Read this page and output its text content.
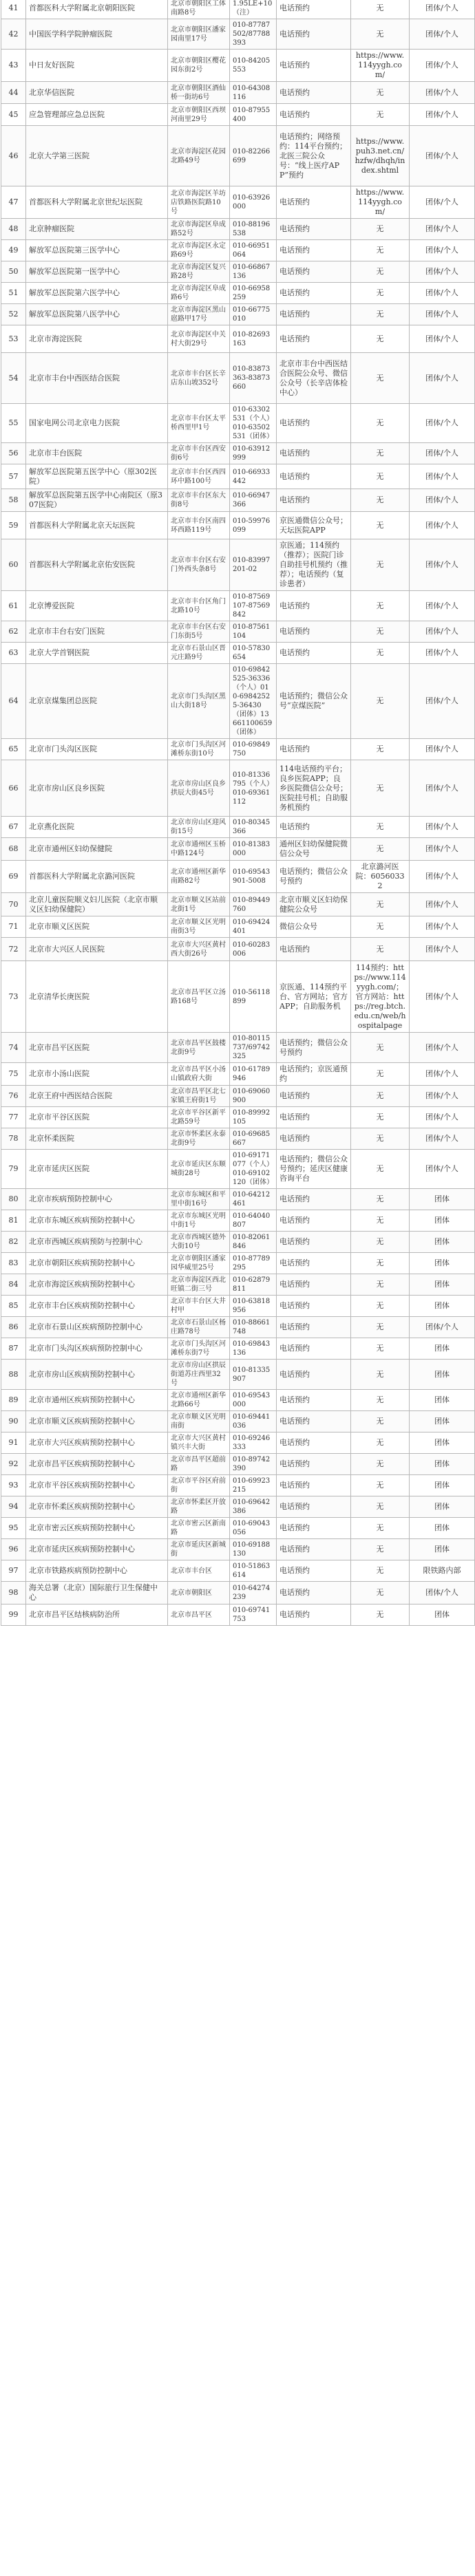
41	首都医科大学附属北京朝阳医院	北京市朝阳区工体南路8号	1.95LE+10（注）	电话预约	无	团体/个人
42	中国医学科学院肿瘤医院	北京市朝阳区潘家园南里17号	010-87787502/87788393	电话预约	无	团体/个人
43	中日友好医院	北京市朝阳区樱花园东街2号	010-84205553	电话预约	https://www.114yygh.com/	团体/个人
44	北京华信医院	北京市朝阳区酒仙桥一街坊6号	010-64308116	电话预约	无	团体/个人
45	应急管理部应急总医院	北京市朝阳区西坝河南里29号	010-87955400	电话预约	无	团体/个人
46	北京大学第三医院	北京市海淀区花园北路49号	010-82266699	电话预约；网络预约：114平台预约；北医三院公众号：“线上医疗APP”预约	https://www.puh3.net.cn/hzfw/dhqh/index.shtml	团体/个人
47	首都医科大学附属北京世纪坛医院	北京市海淀区羊坊店铁路医院路10号	010-63926000	电话预约	https://www.114yygh.com/	团体/个人
48	北京肿瘤医院	北京市海淀区阜成路52号	010-88196538	电话预约	无	团体/个人
49	解放军总医院第三医学中心	北京市海淀区永定路69号	010-66951064	电话预约	无	团体/个人
50	解放军总医院第一医学中心	北京市海淀区复兴路28号	010-66867136	电话预约	无	团体/个人
51	解放军总医院第六医学中心	北京市海淀区阜成路6号	010-66958259	电话预约	无	团体/个人
52	解放军总医院第八医学中心	北京市海淀区黑山扈路甲17号	010-66775010	电话预约	无	团体/个人
53	北京市海淀医院	北京市海淀区中关村大街29号	010-82693163	电话预约	无	团体/个人
54	北京市丰台中西医结合医院	北京市丰台区长辛店东山坡352号	010-83873363-83873660	北京市丰台中西医结合医院公众号、微信公众号（长辛店体检中心）	无	团体/个人
55	国家电网公司北京电力医院	北京市丰台区太平桥西里甲1号	010-63302531（个人）010-63502531（团体）	电话预约	无	团体/个人
56	北京市丰台医院	北京市丰台区西安街6号	010-63912999	电话预约	无	团体/个人
57	解放军总医院第五医学中心（原302医院）	北京市丰台区西四环中路100号	010-66933442	电话预约	无	团体/个人
58	解放军总医院第五医学中心南院区（原307医院）	北京市丰台区东大街8号	010-66947366	电话预约	无	团体/个人
59	首都医科大学附属北京天坛医院	北京市丰台区南四环西路119号	010-59976099	京医通微信公众号；天坛医院APP	无	团体/个人
60	首都医科大学附属北京佑安医院	北京市丰台区右安门外西头条8号	010-83997201-02	京医通；114预约（推荐）；医院门诊自助挂号机预约（推荐）；电话预约（复诊患者）	无	团体/个人
61	北京博爱医院	北京市丰台区角门北路10号	010-87569107-87569842	电话预约	无	团体/个人
62	北京市丰台右安门医院	北京市丰台区右安门东街5号	010-87561104	电话预约	无	团体/个人
63	北京大学首钢医院	北京市石景山区晋元庄路9号	010-57830654	电话预约	无	团体/个人
64	北京京煤集团总医院	北京市门头沟区黑山大街18号	010-69842525-36336（个人）010-69842525-36430（团体）13661100659（团体）	电话预约；微信公众号“京煤医院”	无	团体/个人
65	北京市门头沟区医院	北京市门头沟区河滩桥东街10号	010-69849750	电话预约	无	团体/个人
66	北京市房山区良乡医院	北京市房山区良乡拱辰大街45号	010-81336795（个人）010-69361112	114电话预约平台；良乡医院APP；良乡医院微信公众号；医院挂号机；自助服务机预约	无	团体/个人
67	北京燕化医院	北京市房山区迎风街15号	010-80345366	电话预约	无	团体/个人
68	北京市通州区妇幼保健院	北京市通州区玉桥中路124号	010-81383000	通州区妇幼保健院微信公众号	无	团体/个人
69	首都医科大学附属北京潞河医院	北京市通州区新华南路82号	010-69543901-5008	电话预约；微信公众号预约	北京潞河医院：60560332	团体/个人
70	北京儿童医院顺义妇儿医院（北京市顺义区妇幼保健院）	北京市顺义区站前北街1号	010-89449760	北京市顺义区妇幼保健院公众号	无	团体/个人
71	北京市顺义区医院	北京市顺义区光明南街3号	010-69424401	微信公众号	无	团体/个人
72	北京市大兴区人民医院	北京市大兴区黄村西大街26号	010-60283006	电话预约	无	团体/个人
73	北京清华长庚医院	北京市昌平区立汤路168号	010-56118899	京医通、114预约平台、官方网站；官方APP；自助服务机	114预约：https://www.114yygh.com/；官方网站：https://reg.btch.edu.cn/web/hospitalpage	团体/个人
74	北京市昌平区医院	北京市昌平区鼓楼北街9号	010-80115737/69742325	电话预约；微信公众号预约	无	团体/个人
75	北京市小汤山医院	北京市昌平区小汤山镇政府大街	010-61789946	电话预约；京医通预约	无	团体/个人
76	北京王府中西医结合医院	北京市昌平区北七家镇王府街1号	010-69060900	电话预约	无	团体/个人
77	北京市平谷区医院	北京市平谷区新平北路59号	010-89992105	电话预约	无	团体/个人
78	北京怀柔医院	北京市怀柔区永泰北街9号	010-69685667	电话预约	无	团体/个人
79	北京市延庆区医院	北京市延庆区东顺城街28号	010-69171077（个人）010-69102120（团体）	电话预约；微信公众号预约；延庆区健康咨询平台	无	团体/个人
80	北京市疾病预防控制中心	北京市东城区和平里中街16号	010-64212461	电话预约	无	团体
81	北京市东城区疾病预防控制中心	北京市东城区光明中街1号	010-64040807	电话预约	无	团体
82	北京市西城区疾病预防与控制中心	北京市西城区德外大街10号	010-82061846	电话预约	无	团体
83	北京市朝阳区疾病预防控制中心	北京市朝阳区潘家园华威里25号	010-87789295	电话预约	无	团体
84	北京市海淀区疾病预防控制中心	北京市海淀区西北旺镇二街三号	010-62879811	电话预约	无	团体
85	北京市丰台区疾病预防控制中心	北京市丰台区大井村甲	010-63818956	电话预约	无	团体
86	北京市石景山区疾病预防控制中心	北京市石景山区杨庄路78号	010-88661748	电话预约	无	团体/个人
87	北京市门头沟区疾病预防控制中心	北京市门头沟区河滩桥东街7号	010-69843136	电话预约	无	团体
88	北京市房山区疾病预防控制中心	北京市房山区拱辰街道苏庄西里32号	010-81335907	电话预约	无	团体
89	北京市通州区疾病预防控制中心	北京市通州区新华北路66号	010-69543000	电话预约	无	团体
90	北京市顺义区疾病预防控制中心	北京市顺义区光明南街	010-69441036	电话预约	无	团体
91	北京市大兴区疾病预防控制中心	北京市大兴区黄村镇兴丰大街	010-69246333	电话预约	无	团体
92	北京市昌平区疾病预防控制中心	北京市昌平区超前路	010-89742390	电话预约	无	团体
93	北京市平谷区疾病预防控制中心	北京市平谷区府前街	010-69923215	电话预约	无	团体
94	北京市怀柔区疾病预防控制中心	北京市怀柔区开放路	010-69642386	电话预约	无	团体
95	北京市密云区疾病预防控制中心	北京市密云区新南路	010-69043056	电话预约	无	团体
96	北京市延庆区疾病预防控制中心	北京市延庆区新城街	010-69188130	电话预约	无	团体
97	北京市铁路疾病预防控制中心	北京市丰台区	010-51863614	电话预约	无	限铁路内部
98	海关总署（北京）国际旅行卫生保健中心	北京市朝阳区	010-64274239	电话预约	无	团体/个人
99	北京市昌平区结核病防治所	北京市昌平区	010-69741753	电话预约	无	团体
